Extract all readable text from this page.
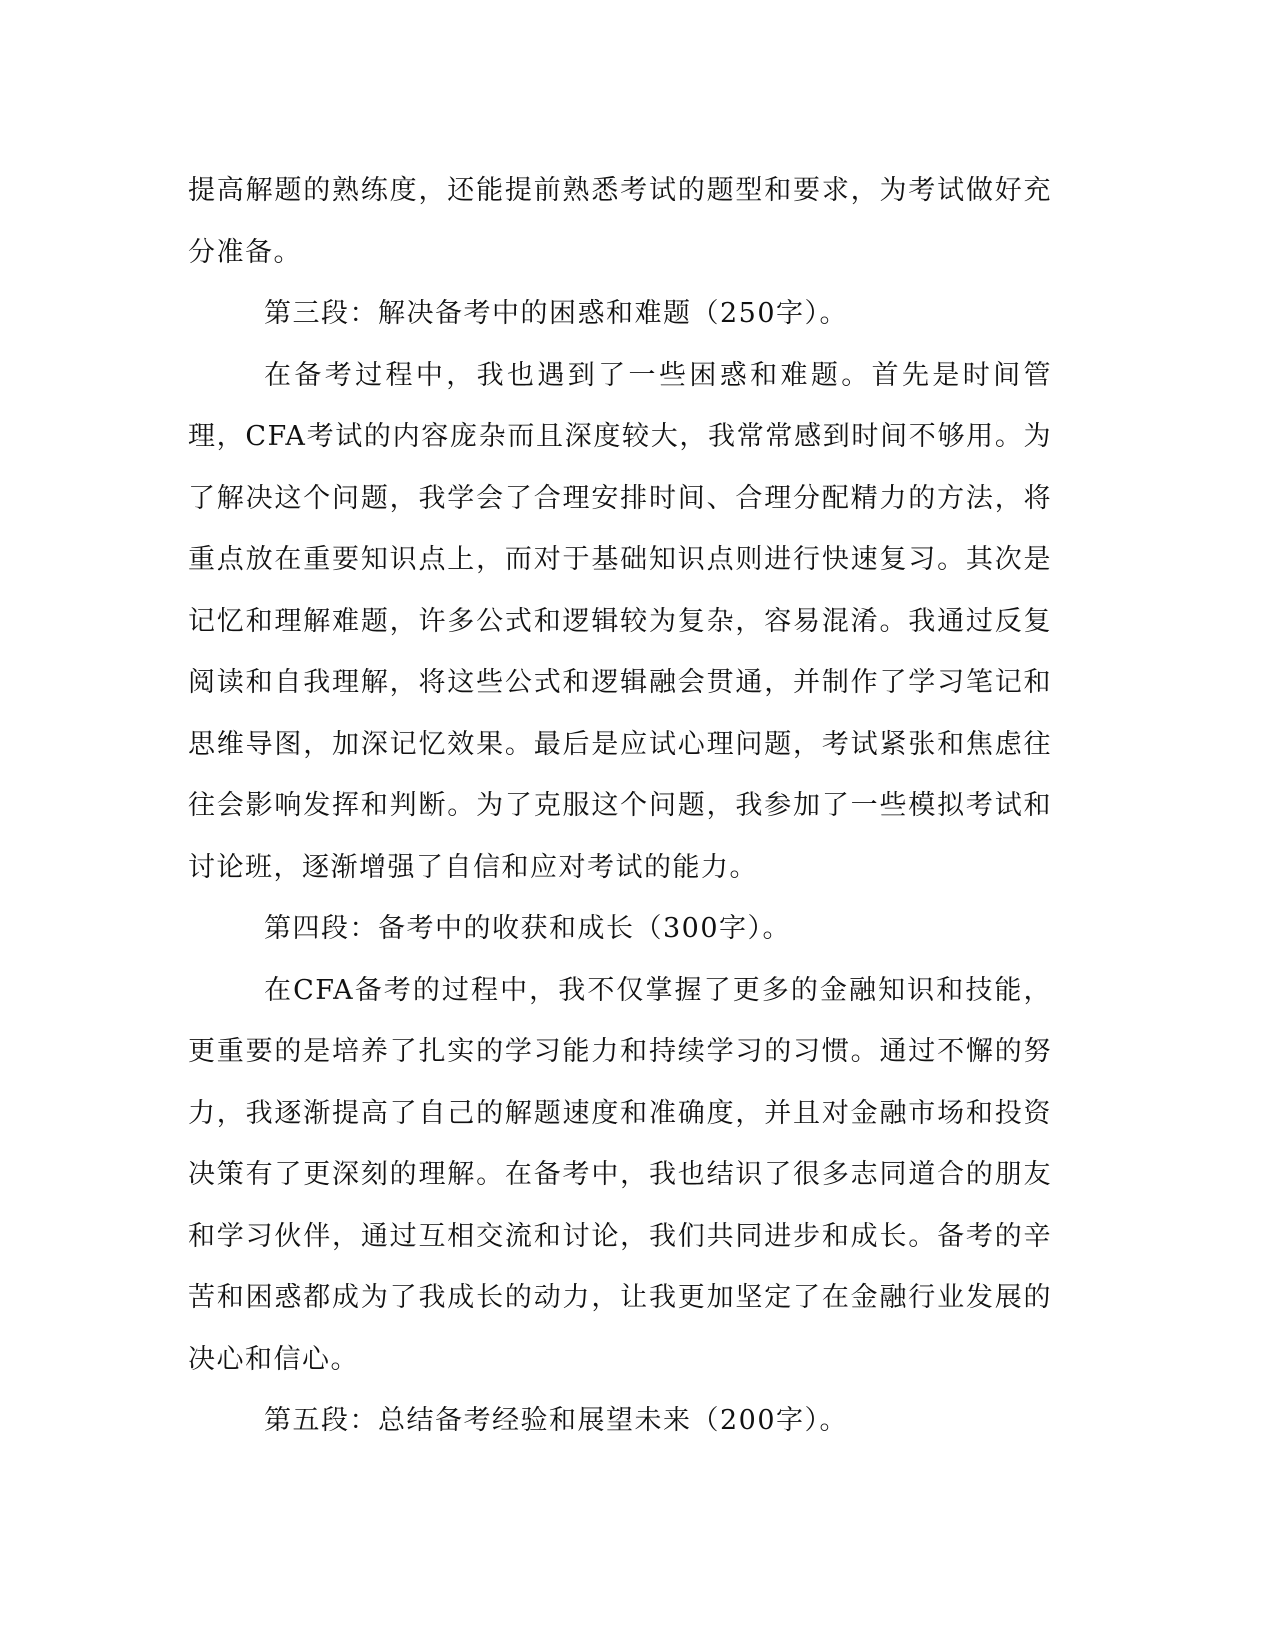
提高解题的熟练度，还能提前熟悉考试的题型和要求，为考试做好充分准备。

第三段：解决备考中的困惑和难题（250字）。

在备考过程中，我也遇到了一些困惑和难题。首先是时间管理，CFA考试的内容庞杂而且深度较大，我常常感到时间不够用。为了解决这个问题，我学会了合理安排时间、合理分配精力的方法，将重点放在重要知识点上，而对于基础知识点则进行快速复习。其次是记忆和理解难题，许多公式和逻辑较为复杂，容易混淆。我通过反复阅读和自我理解，将这些公式和逻辑融会贯通，并制作了学习笔记和思维导图，加深记忆效果。最后是应试心理问题，考试紧张和焦虑往往会影响发挥和判断。为了克服这个问题，我参加了一些模拟考试和讨论班，逐渐增强了自信和应对考试的能力。

第四段：备考中的收获和成长（300字）。

在CFA备考的过程中，我不仅掌握了更多的金融知识和技能，更重要的是培养了扎实的学习能力和持续学习的习惯。通过不懈的努力，我逐渐提高了自己的解题速度和准确度，并且对金融市场和投资决策有了更深刻的理解。在备考中，我也结识了很多志同道合的朋友和学习伙伴，通过互相交流和讨论，我们共同进步和成长。备考的辛苦和困惑都成为了我成长的动力，让我更加坚定了在金融行业发展的决心和信心。

第五段：总结备考经验和展望未来（200字）。
